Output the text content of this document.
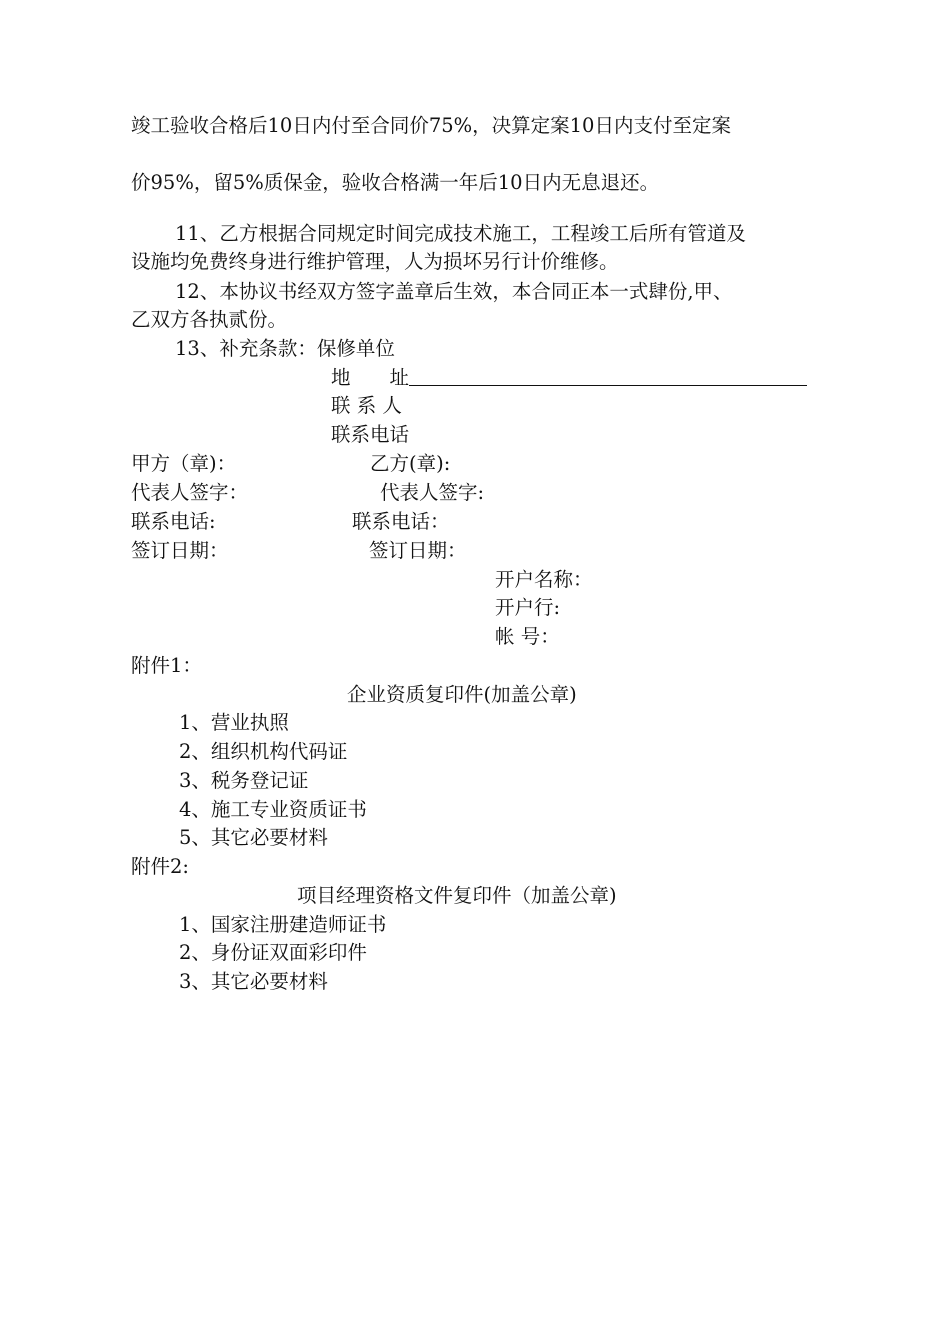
竣工验收合格后10日内付至合同价75%，决算定案10日内支付至定案
价95%，留5%质保金，验收合格满一年后10日内无息退还。
11、乙方根据合同规定时间完成技术施工，工程竣工后所有管道及
设施均免费终身进行维护管理，人为损坏另行计价维修。
12、本协议书经双方签字盖章后生效，本合同正本一式肆份,甲、
乙双方各执贰份。
13、补充条款：保修单位
地　　址
联 系 人
联系电话
甲方（章)：	乙方(章):
代表人签字：	代表人签字:
联系电话:	联系电话：
签订日期：	签订日期：
开户名称：
开户行:
帐 号：
附件1：
企业资质复印件(加盖公章)
1、营业执照
2、组织机构代码证
3、税务登记证
4、施工专业资质证书
5、其它必要材料
附件2:
项目经理资格文件复印件（加盖公章)
1、国家注册建造师证书
2、身份证双面彩印件
3、其它必要材料
